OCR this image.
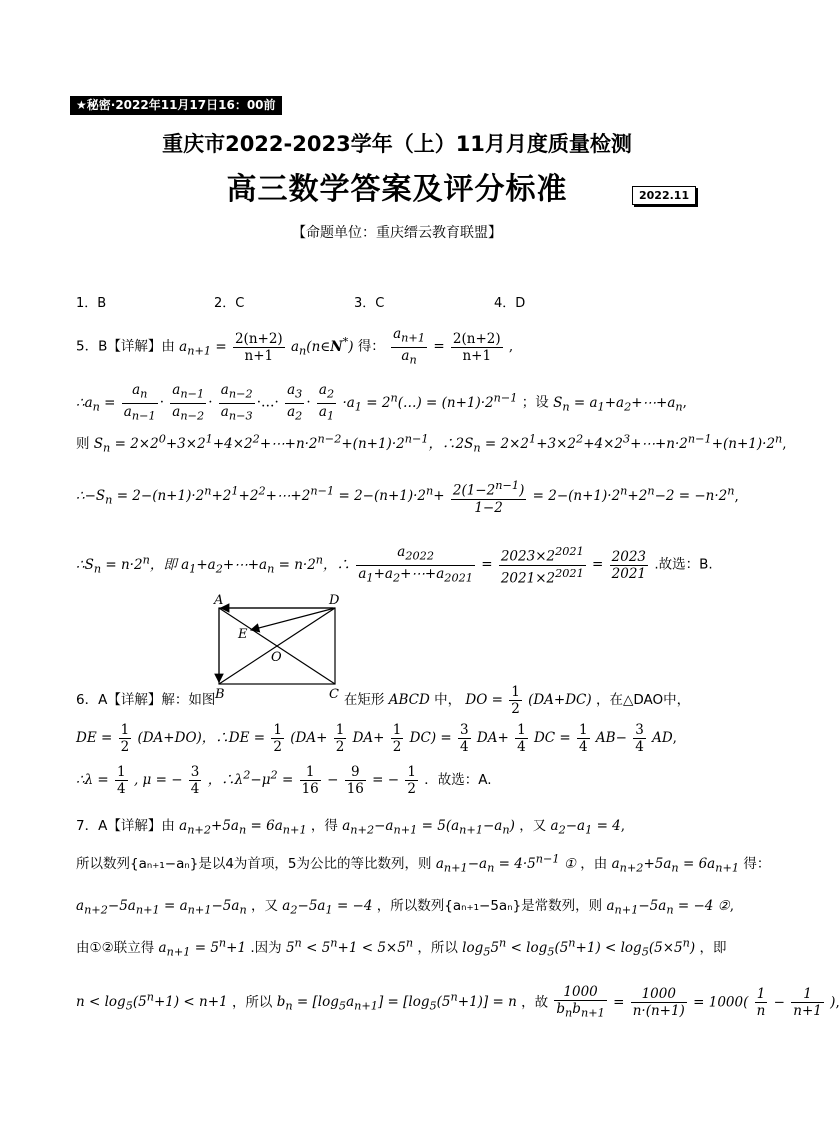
★秘密·2022年11月17日16：00前
重庆市2022-2023学年（上）11月月度质量检测
高三数学答案及评分标准	2022.11
【命题单位：重庆缙云教育联盟】
1．B	2．C	3．C	4．D
5．B【详解】由 $a_{n+1} = \frac{2(n+2)}{n+1}$ $a_n(n\in N^*)$ 得： $\frac{a_{n+1}}{a_n} = \frac{2(n+2)}{n+1}$ ,
$\therefore a_n = \frac{a_n}{a_{n-1}} \cdot \frac{a_{n-1}}{a_{n-2}} \cdot \frac{a_{n-2}}{a_{n-3}}$ ·…· $\frac{a_3}{a_2} \cdot \frac{a_2}{a_1} \cdot a_1$ = $2^n(\dots) = (n+1)\cdot 2^{n-1}$ ；设 $S_n$ = $a_1+a_2+\cdots+a_n$,
则 $S_n$ = $2\times 2^0+3\times 2^1+4\times 2^2+\cdots+n\cdot 2^{n-2}+(n+1)\cdot 2^{n-1}$，$\therefore 2S_n$ = $2\times 2^1+3\times 2^2+4\times 2^3+\cdots+n\cdot 2^{n-1}+(n+1)\cdot 2^n$,
$\therefore-S_n$ = $2-(n+1)\cdot 2^n+2^1+2^2+\cdots+2^{n-1} = 2-(n+1)\cdot 2^n+ \frac{2(1-2^{n-1})}{1-2} = 2-(n+1)\cdot 2^n+2^n-2 = -n\cdot 2^n$,
$\therefore S_n = n\cdot 2^n$，即 $a_1+a_2+\cdots+a_n = n\cdot 2^n$，∴ $\frac{a_{2022}}{a_1+a_2+\cdots+a_{2021}} = \frac{2023\times 2^{2021}}{2021\times 2^{2021}} = \frac{2023}{2021}$ .故选：B.
A	D
E
O
B	C
6．A【详解】解：如图	在矩形 ABCD 中， DO = $\frac{1}{2} (DA+DC)$ ，在△DAO中，
DE = $\frac{1}{2} (DA+DO)$，∴DE = $\frac{1}{2} (DA+ \frac{1}{2} DA+ \frac{1}{2} DC) = \frac{3}{4} DA+ \frac{1}{4}$ DC = $\frac{1}{4} AB- \frac{3}{4}$ AD,
∴λ = $\frac{1}{4}$ , μ = − $\frac{3}{4}$ ，$\therefore\lambda^2-\mu^2 = \frac{1}{16} - \frac{9}{16}$ = − $\frac{1}{2}$ ．故选：A.
7．A【详解】由 $a_{n+2}+5a_n = 6a_{n+1}$ ，得 $a_{n+2}-a_{n+1} = 5(a_{n+1}-a_n)$ ，又 $a_2-a_1 = 4$,
所以数列{aₙ₊₁−aₙ}是以4为首项，5为公比的等比数列，则 $a_{n+1}-a_n = 4\cdot 5^{n-1}$ ① ，由 $a_{n+2}+5a_n = 6a_{n+1}$ 得：
$a_{n+2}-5a_{n+1} = a_{n+1}-5a_n$ ，又 $a_2-5a_1 = -4$ ，所以数列{aₙ₊₁−5aₙ}是常数列，则 $a_{n+1}-5a_n = -4$ ②,
由①②联立得 $a_{n+1} = 5^n+1$ .因为 $5^n < 5^n+1 < 5\times 5^n$ ，所以 $\log_55^n < \log_5(5^n+1) < \log_5(5\times 5^n)$ ，即
$n < \log_5(5^n+1) < n+1$ ，所以 $b_n = [\log_5a_{n+1}] = [\log_5(5^n+1)] = n$ ，故 $\frac{1000}{b_nb_{n+1}} = \frac{1000}{n\cdot(n+1)} = 1000( \frac{1}{n} - \frac{1}{n+1}$ ),
